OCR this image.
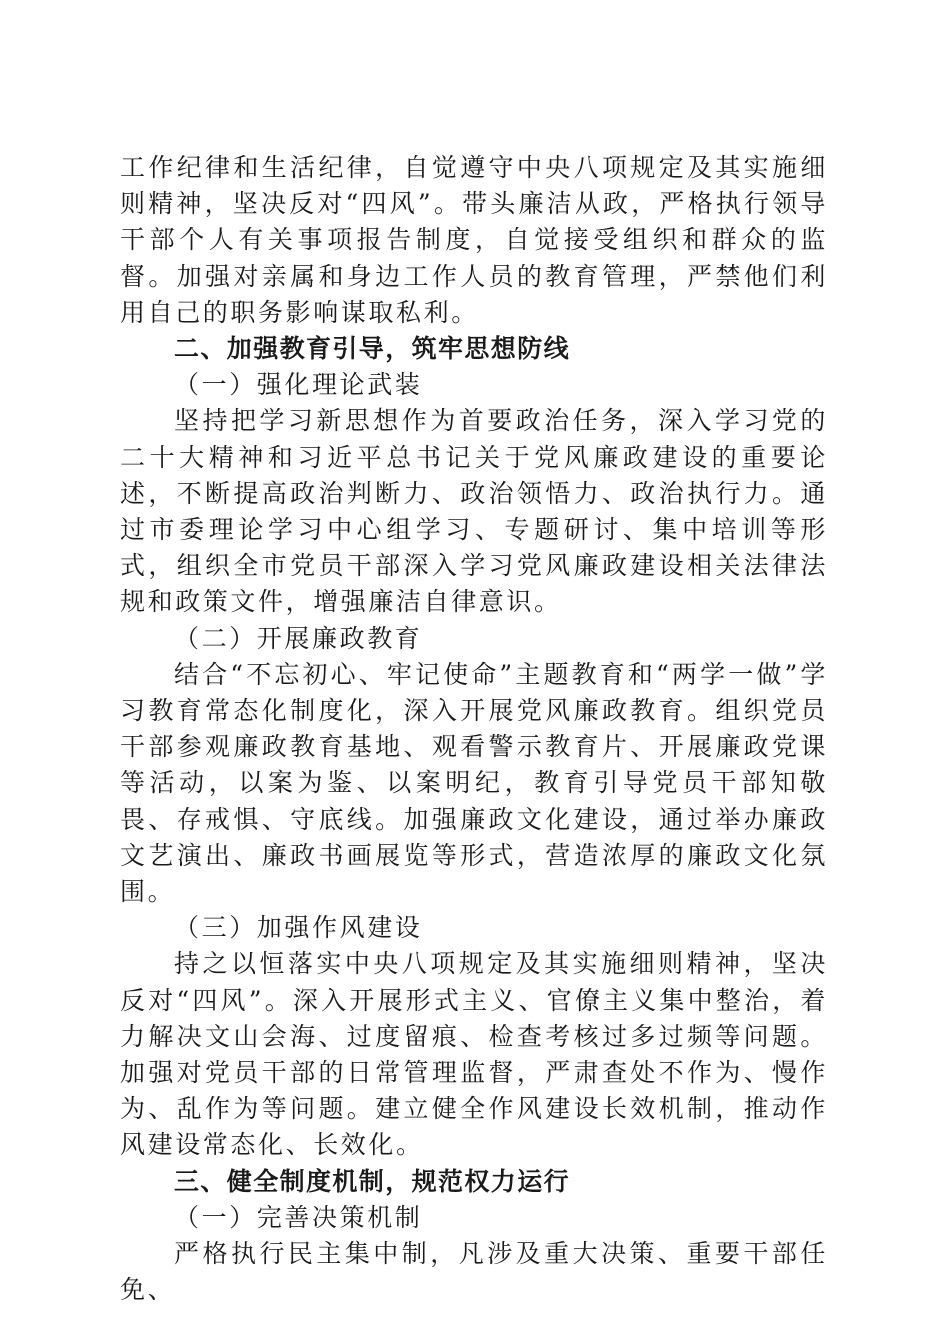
工作纪律和生活纪律，自觉遵守中央八项规定及其实施细则精神，坚决反对“四风”。带头廉洁从政，严格执行领导干部个人有关事项报告制度，自觉接受组织和群众的监督。加强对亲属和身边工作人员的教育管理，严禁他们利用自己的职务影响谋取私利。

二、加强教育引导，筑牢思想防线

（一）强化理论武装

坚持把学习新思想作为首要政治任务，深入学习党的二十大精神和习近平总书记关于党风廉政建设的重要论述，不断提高政治判断力、政治领悟力、政治执行力。通过市委理论学习中心组学习、专题研讨、集中培训等形式，组织全市党员干部深入学习党风廉政建设相关法律法规和政策文件，增强廉洁自律意识。

（二）开展廉政教育

结合“不忘初心、牢记使命”主题教育和“两学一做”学习教育常态化制度化，深入开展党风廉政教育。组织党员干部参观廉政教育基地、观看警示教育片、开展廉政党课等活动，以案为鉴、以案明纪，教育引导党员干部知敬畏、存戒惧、守底线。加强廉政文化建设，通过举办廉政文艺演出、廉政书画展览等形式，营造浓厚的廉政文化氛围。

（三）加强作风建设

持之以恒落实中央八项规定及其实施细则精神，坚决反对“四风”。深入开展形式主义、官僚主义集中整治，着力解决文山会海、过度留痕、检查考核过多过频等问题。加强对党员干部的日常管理监督，严肃查处不作为、慢作为、乱作为等问题。建立健全作风建设长效机制，推动作风建设常态化、长效化。

三、健全制度机制，规范权力运行

（一）完善决策机制

严格执行民主集中制，凡涉及重大决策、重要干部任免、
